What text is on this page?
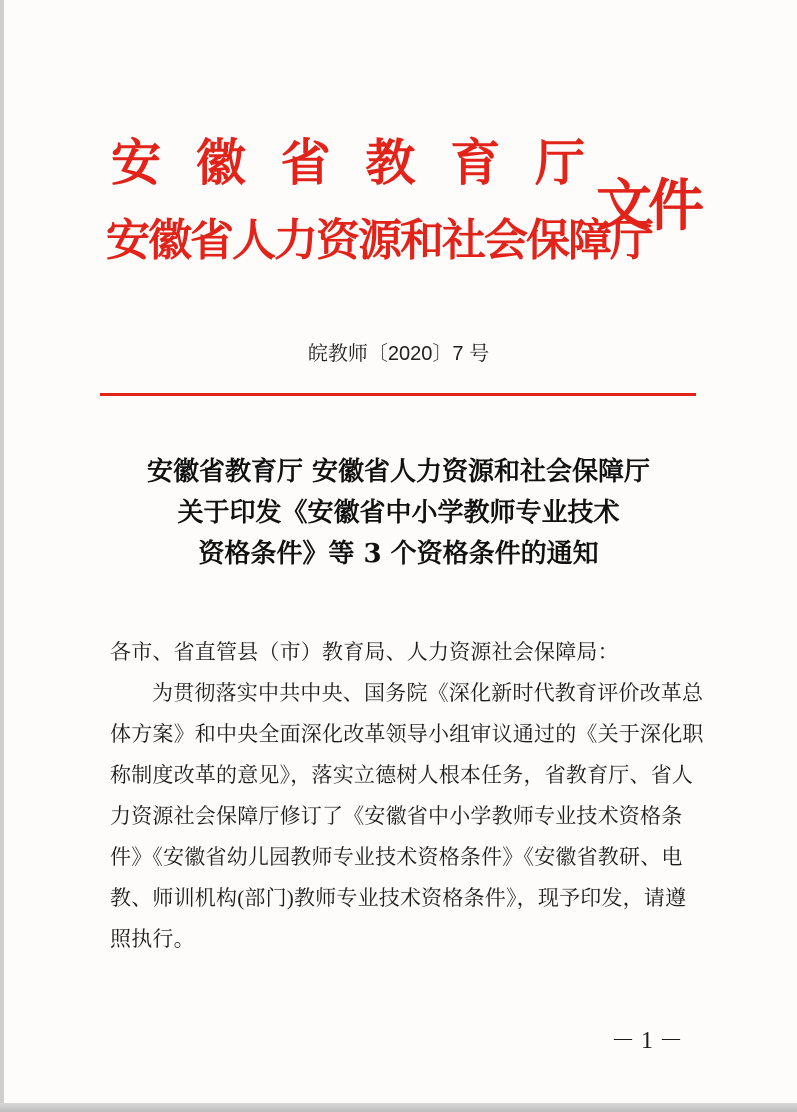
安 徽 省 教 育 厅
安徽省人力资源和社会保障厅
文件
皖教师〔2020〕7 号
安徽省教育厅 安徽省人力资源和社会保障厅
关于印发《安徽省中小学教师专业技术
资格条件》等 3 个资格条件的通知
各市、省直管县（市）教育局、人力资源社会保障局：
为贯彻落实中共中央、国务院《深化新时代教育评价改革总
体方案》和中央全面深化改革领导小组审议通过的《关于深化职
称制度改革的意见》，落实立德树人根本任务，省教育厅、省人
力资源社会保障厅修订了《安徽省中小学教师专业技术资格条
件》《安徽省幼儿园教师专业技术资格条件》《安徽省教研、电
教、师训机构(部门)教师专业技术资格条件》，现予印发，请遵
照执行。
－ 1 －
